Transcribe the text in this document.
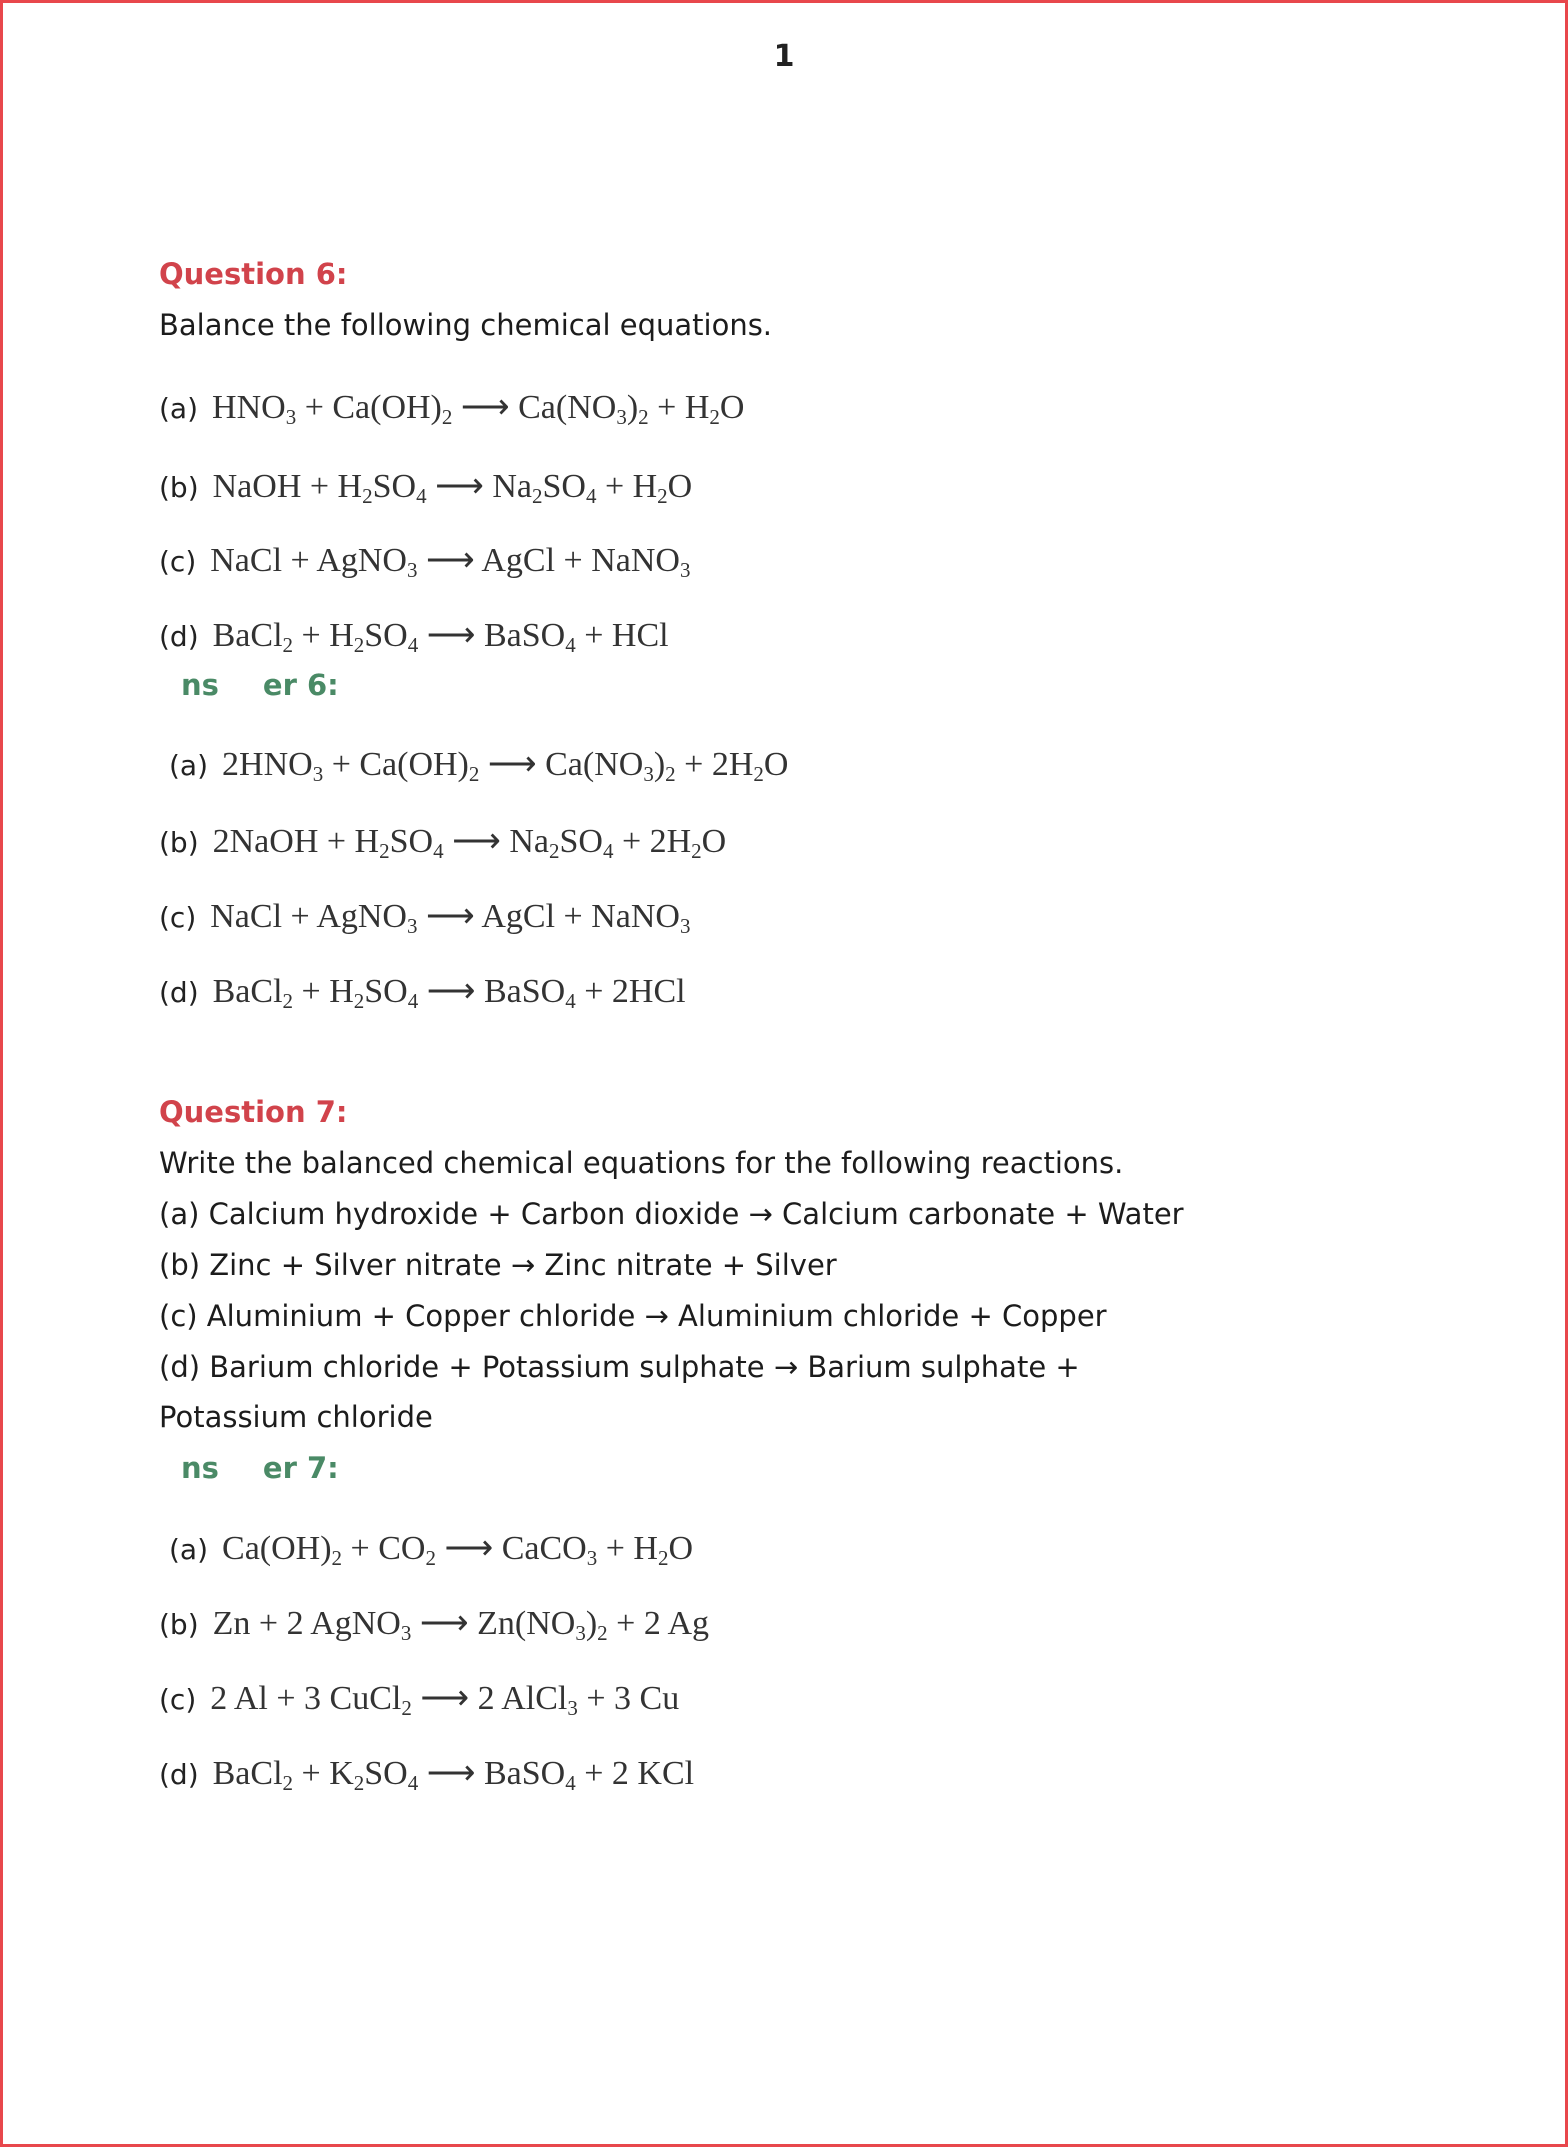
1
Question 6:
Balance the following chemical equations.
(a) $HNO_3 + Ca(OH)_2$ ⟶ $Ca(NO_3)_2 + H_2O$
(b) NaOH + $H_2SO_4$ ⟶ $Na_2SO_4 + H_2O$
(c) NaCl + AgNO$_3$ ⟶ AgCl + NaNO$_3$
(d) BaCl$_2$ + $H_2SO_4$ ⟶ BaSO$_4$ + HCl
ns er 6:
(a) $2HNO_3 + Ca(OH)_2$ ⟶ $Ca(NO_3)_2 + 2H_2O$
(b) 2NaOH + $H_2SO_4$ ⟶ $Na_2SO_4 + 2H_2O$
(c) NaCl + AgNO$_3$ ⟶ AgCl + NaNO$_3$
(d) BaCl$_2$ + $H_2SO_4$ ⟶ BaSO$_4$ + 2HCl
Question 7:
Write the balanced chemical equations for the following reactions.
(a) Calcium hydroxide + Carbon dioxide → Calcium carbonate + Water
(b) Zinc + Silver nitrate → Zinc nitrate + Silver
(c) Aluminium + Copper chloride → Aluminium chloride + Copper
(d) Barium chloride + Potassium sulphate → Barium sulphate +
Potassium chloride
ns er 7:
(a) $Ca(OH)_2 + CO_2$ ⟶ CaCO$_3$ + $H_2O$
(b) Zn + 2 AgNO$_3$ ⟶ $Zn(NO_3)_2 + 2$ Ag
(c) 2 Al + 3 CuCl$_2$ ⟶ 2 AlCl$_3$ + 3 Cu
(d) BaCl$_2$ + $K_2SO_4$ ⟶ BaSO$_4$ + 2 KCl
